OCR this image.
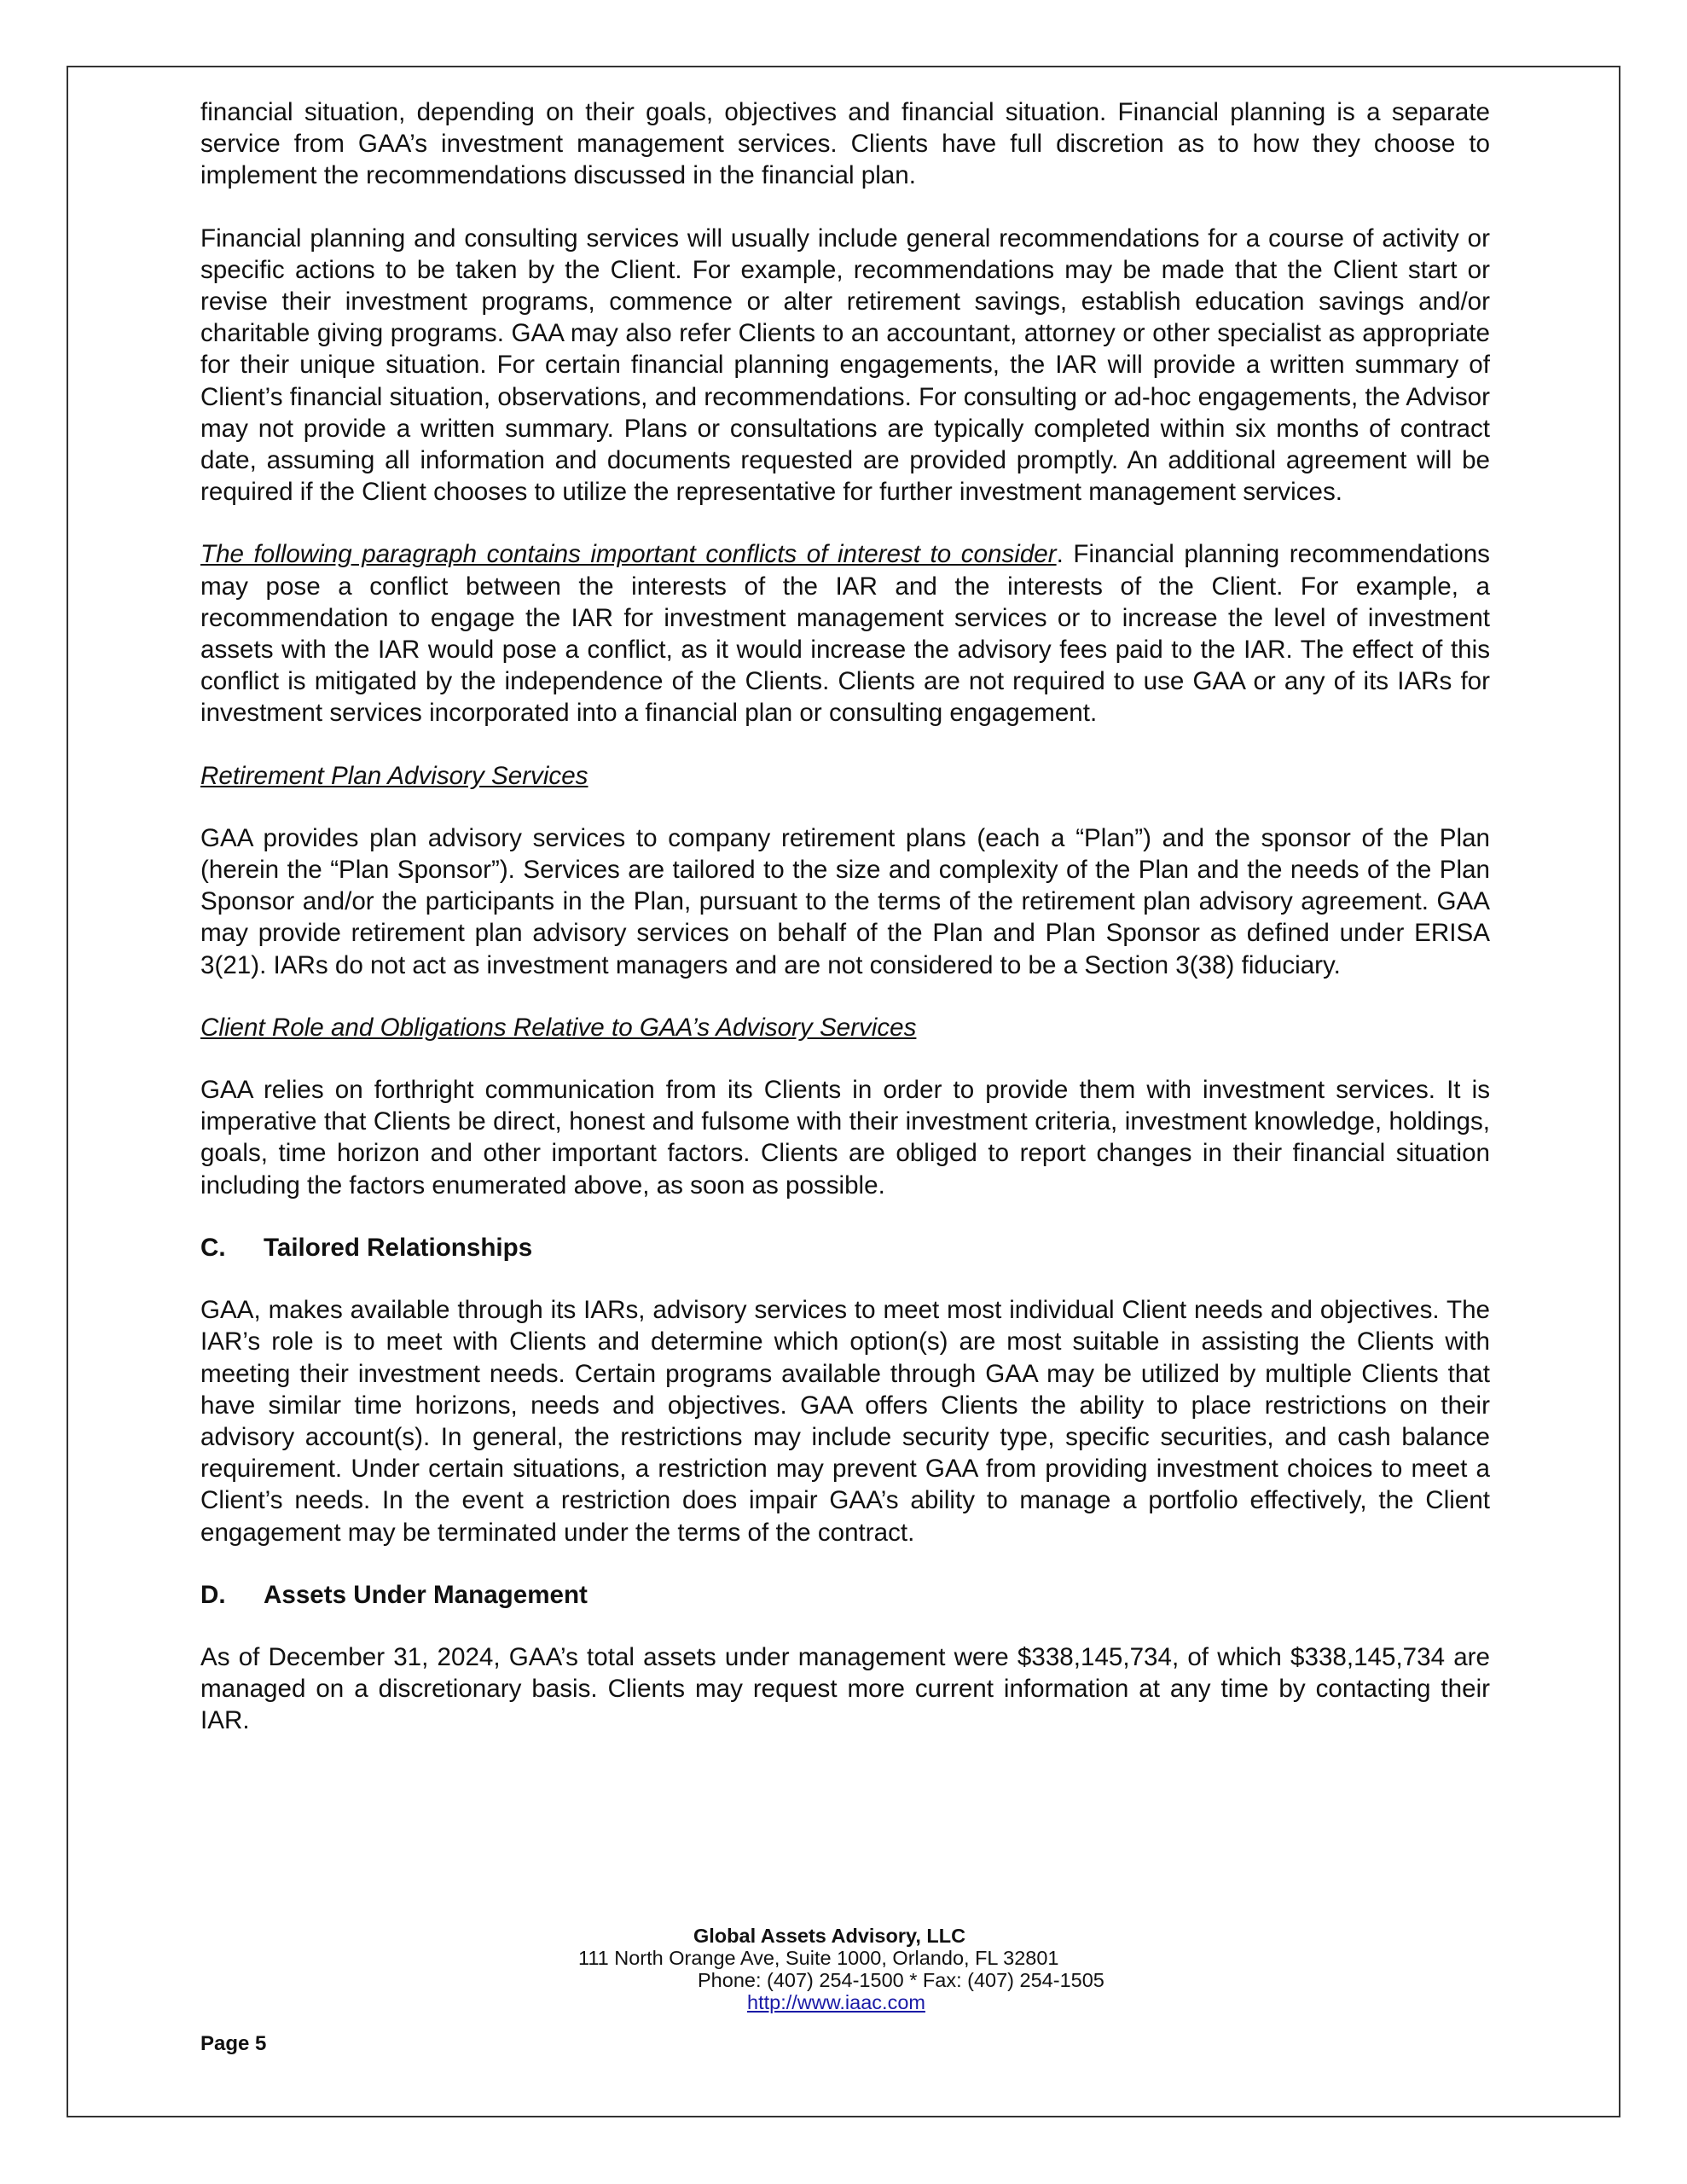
financial situation, depending on their goals, objectives and financial situation. Financial planning is a separate service from GAA’s investment management services. Clients have full discretion as to how they choose to implement the recommendations discussed in the financial plan.

Financial planning and consulting services will usually include general recommendations for a course of activity or specific actions to be taken by the Client. For example, recommendations may be made that the Client start or revise their investment programs, commence or alter retirement savings, establish education savings and/or charitable giving programs. GAA may also refer Clients to an accountant, attorney or other specialist as appropriate for their unique situation. For certain financial planning engagements, the IAR will provide a written summary of Client’s financial situation, observations, and recommendations. For consulting or ad-hoc engagements, the Advisor may not provide a written summary. Plans or consultations are typically completed within six months of contract date, assuming all information and documents requested are provided promptly. An additional agreement will be required if the Client chooses to utilize the representative for further investment management services.

The following paragraph contains important conflicts of interest to consider. Financial planning recommendations may pose a conflict between the interests of the IAR and the interests of the Client. For example, a recommendation to engage the IAR for investment management services or to increase the level of investment assets with the IAR would pose a conflict, as it would increase the advisory fees paid to the IAR. The effect of this conflict is mitigated by the independence of the Clients. Clients are not required to use GAA or any of its IARs for investment services incorporated into a financial plan or consulting engagement.

Retirement Plan Advisory Services

GAA provides plan advisory services to company retirement plans (each a “Plan”) and the sponsor of the Plan (herein the “Plan Sponsor”). Services are tailored to the size and complexity of the Plan and the needs of the Plan Sponsor and/or the participants in the Plan, pursuant to the terms of the retirement plan advisory agreement. GAA may provide retirement plan advisory services on behalf of the Plan and Plan Sponsor as defined under ERISA 3(21). IARs do not act as investment managers and are not considered to be a Section 3(38) fiduciary.

Client Role and Obligations Relative to GAA’s Advisory Services

GAA relies on forthright communication from its Clients in order to provide them with investment services. It is imperative that Clients be direct, honest and fulsome with their investment criteria, investment knowledge, holdings, goals, time horizon and other important factors. Clients are obliged to report changes in their financial situation including the factors enumerated above, as soon as possible.

C. Tailored Relationships

GAA, makes available through its IARs, advisory services to meet most individual Client needs and objectives. The IAR’s role is to meet with Clients and determine which option(s) are most suitable in assisting the Clients with meeting their investment needs. Certain programs available through GAA may be utilized by multiple Clients that have similar time horizons, needs and objectives. GAA offers Clients the ability to place restrictions on their advisory account(s). In general, the restrictions may include security type, specific securities, and cash balance requirement. Under certain situations, a restriction may prevent GAA from providing investment choices to meet a Client’s needs. In the event a restriction does impair GAA’s ability to manage a portfolio effectively, the Client engagement may be terminated under the terms of the contract.

D. Assets Under Management

As of December 31, 2024, GAA’s total assets under management were $338,145,734, of which $338,145,734 are managed on a discretionary basis. Clients may request more current information at any time by contacting their IAR.

Global Assets Advisory, LLC
111 North Orange Ave, Suite 1000, Orlando, FL 32801
Phone: (407) 254-1500 * Fax: (407) 254-1505
http://www.iaac.com
Page 5
